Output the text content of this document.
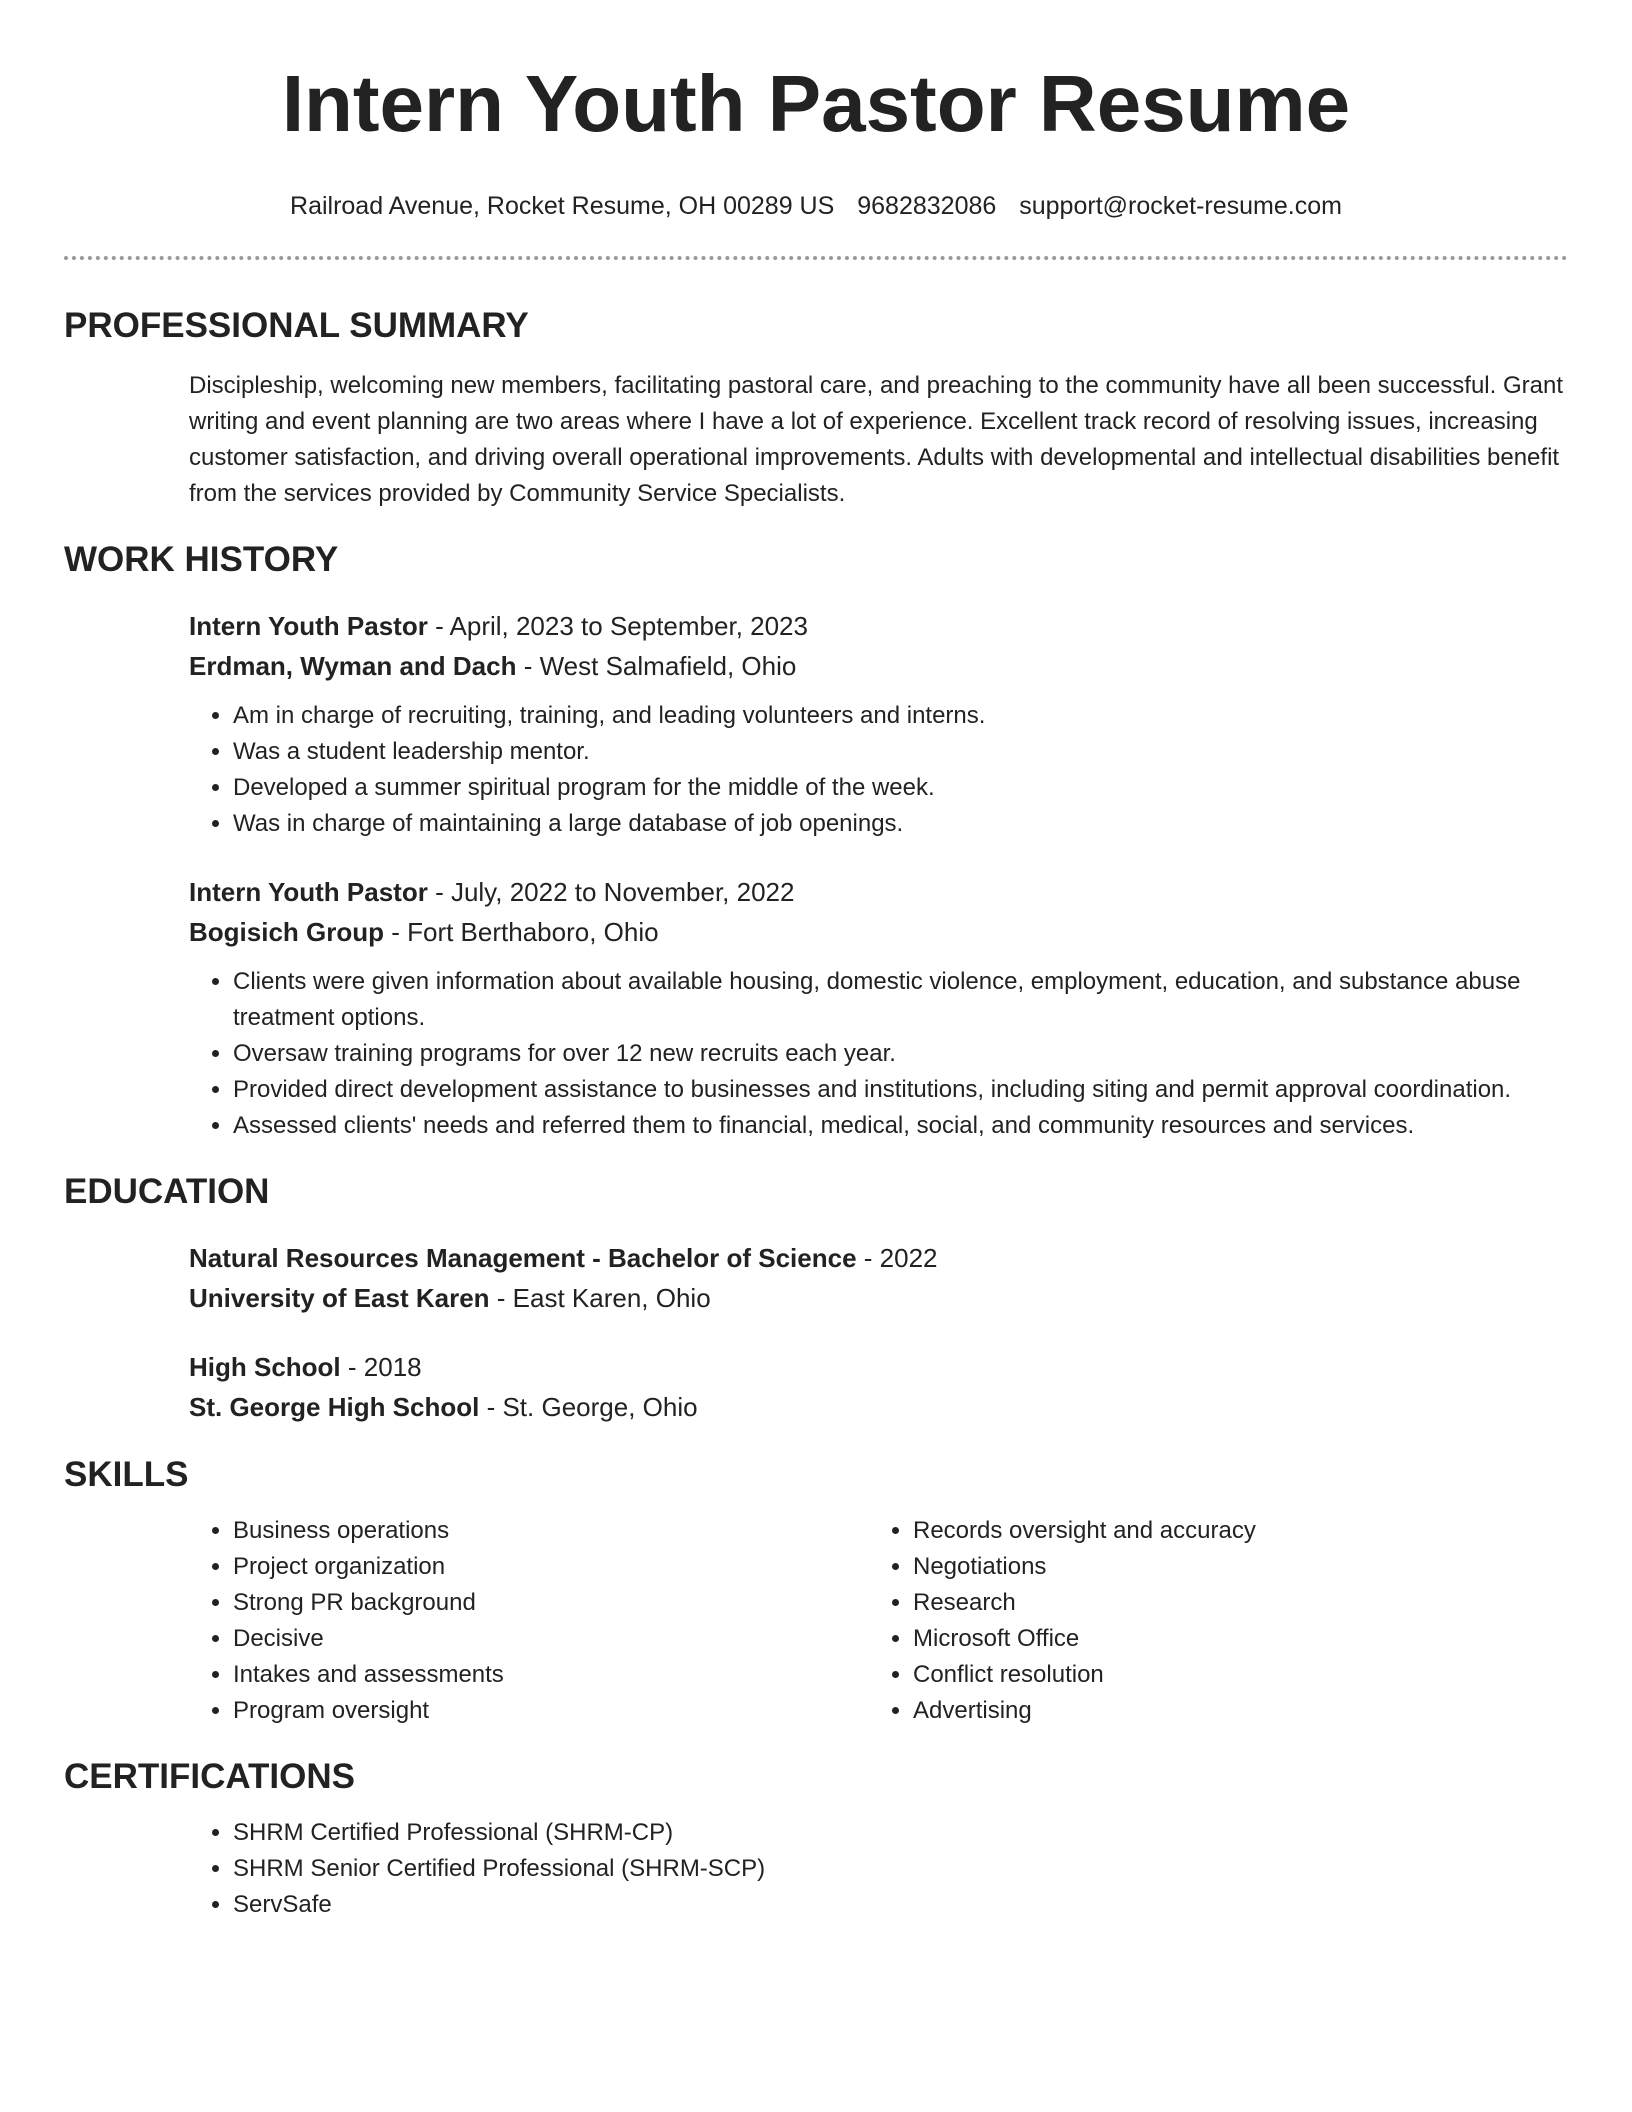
Intern Youth Pastor Resume
Railroad Avenue, Rocket Resume, OH 00289 US 9682832086 support@rocket-resume.com
PROFESSIONAL SUMMARY
Discipleship, welcoming new members, facilitating pastoral care, and preaching to the community have all been successful. Grant writing and event planning are two areas where I have a lot of experience. Excellent track record of resolving issues, increasing customer satisfaction, and driving overall operational improvements. Adults with developmental and intellectual disabilities benefit from the services provided by Community Service Specialists.
WORK HISTORY
Intern Youth Pastor - April, 2023 to September, 2023
Erdman, Wyman and Dach - West Salmafield, Ohio
• Am in charge of recruiting, training, and leading volunteers and interns.
• Was a student leadership mentor.
• Developed a summer spiritual program for the middle of the week.
• Was in charge of maintaining a large database of job openings.
Intern Youth Pastor - July, 2022 to November, 2022
Bogisich Group - Fort Berthaboro, Ohio
• Clients were given information about available housing, domestic violence, employment, education, and substance abuse treatment options.
• Oversaw training programs for over 12 new recruits each year.
• Provided direct development assistance to businesses and institutions, including siting and permit approval coordination.
• Assessed clients' needs and referred them to financial, medical, social, and community resources and services.
EDUCATION
Natural Resources Management - Bachelor of Science - 2022
University of East Karen - East Karen, Ohio
High School - 2018
St. George High School - St. George, Ohio
SKILLS
• Business operations
• Project organization
• Strong PR background
• Decisive
• Intakes and assessments
• Program oversight
• Records oversight and accuracy
• Negotiations
• Research
• Microsoft Office
• Conflict resolution
• Advertising
CERTIFICATIONS
• SHRM Certified Professional (SHRM-CP)
• SHRM Senior Certified Professional (SHRM-SCP)
• ServSafe
